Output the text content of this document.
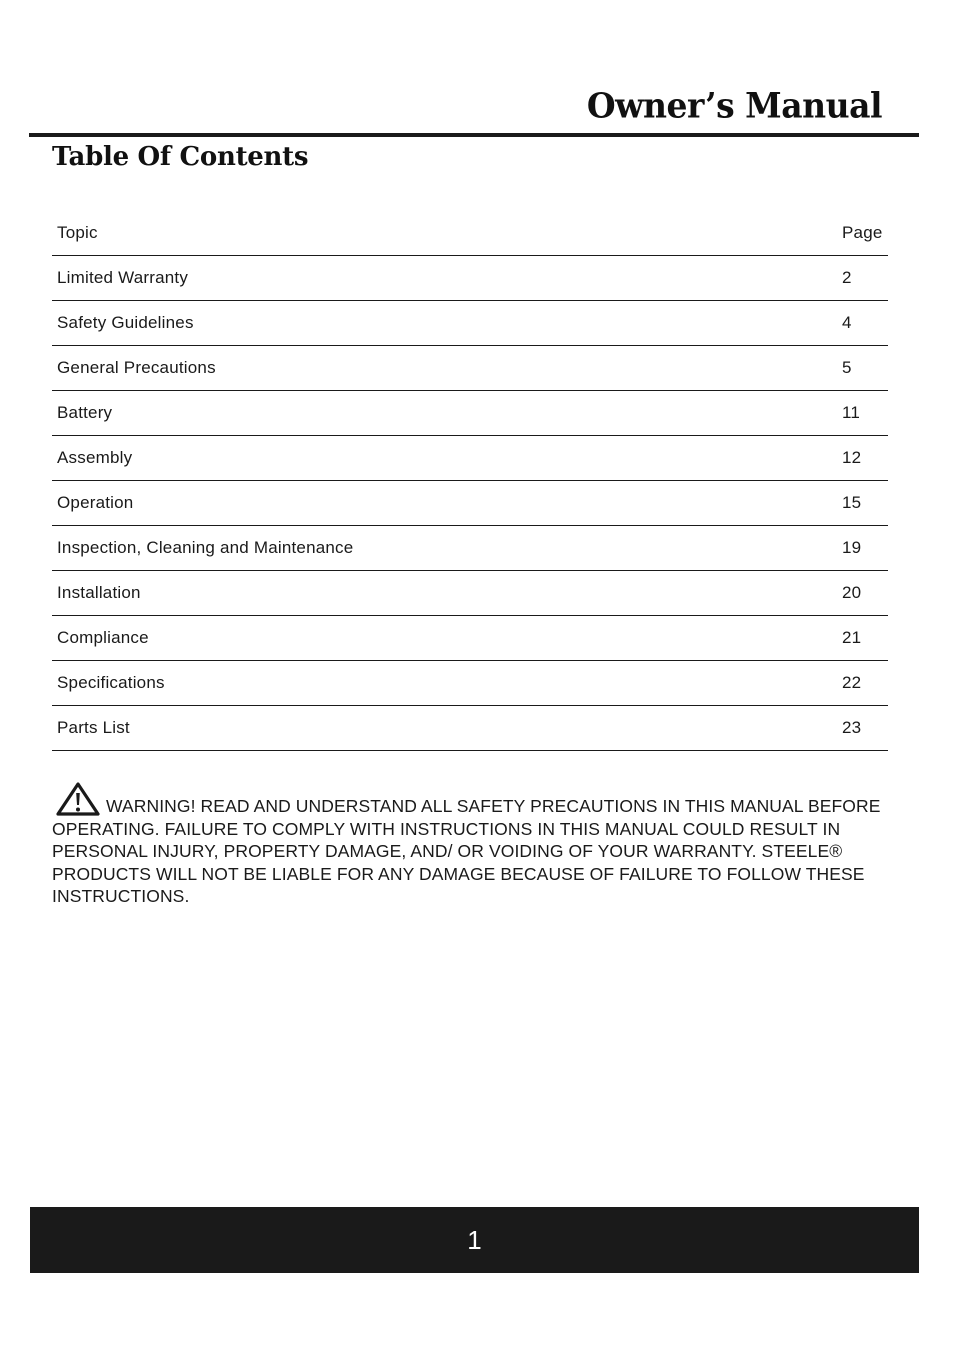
Owner’s Manual
Table Of Contents
Topic	Page
Limited Warranty	2
Safety Guidelines	4
General Precautions	5
Battery	11
Assembly	12
Operation	15
Inspection, Cleaning and Maintenance	19
Installation	20
Compliance	21
Specifications	22
Parts List	23
WARNING! READ AND UNDERSTAND ALL SAFETY PRECAUTIONS IN THIS MANUAL BEFORE OPERATING. FAILURE TO COMPLY WITH INSTRUCTIONS IN THIS MANUAL COULD RESULT IN PERSONAL INJURY, PROPERTY DAMAGE, AND/ OR VOIDING OF YOUR WARRANTY. STEELE® PRODUCTS WILL NOT BE LIABLE FOR ANY DAMAGE BECAUSE OF FAILURE TO FOLLOW THESE INSTRUCTIONS.
1
